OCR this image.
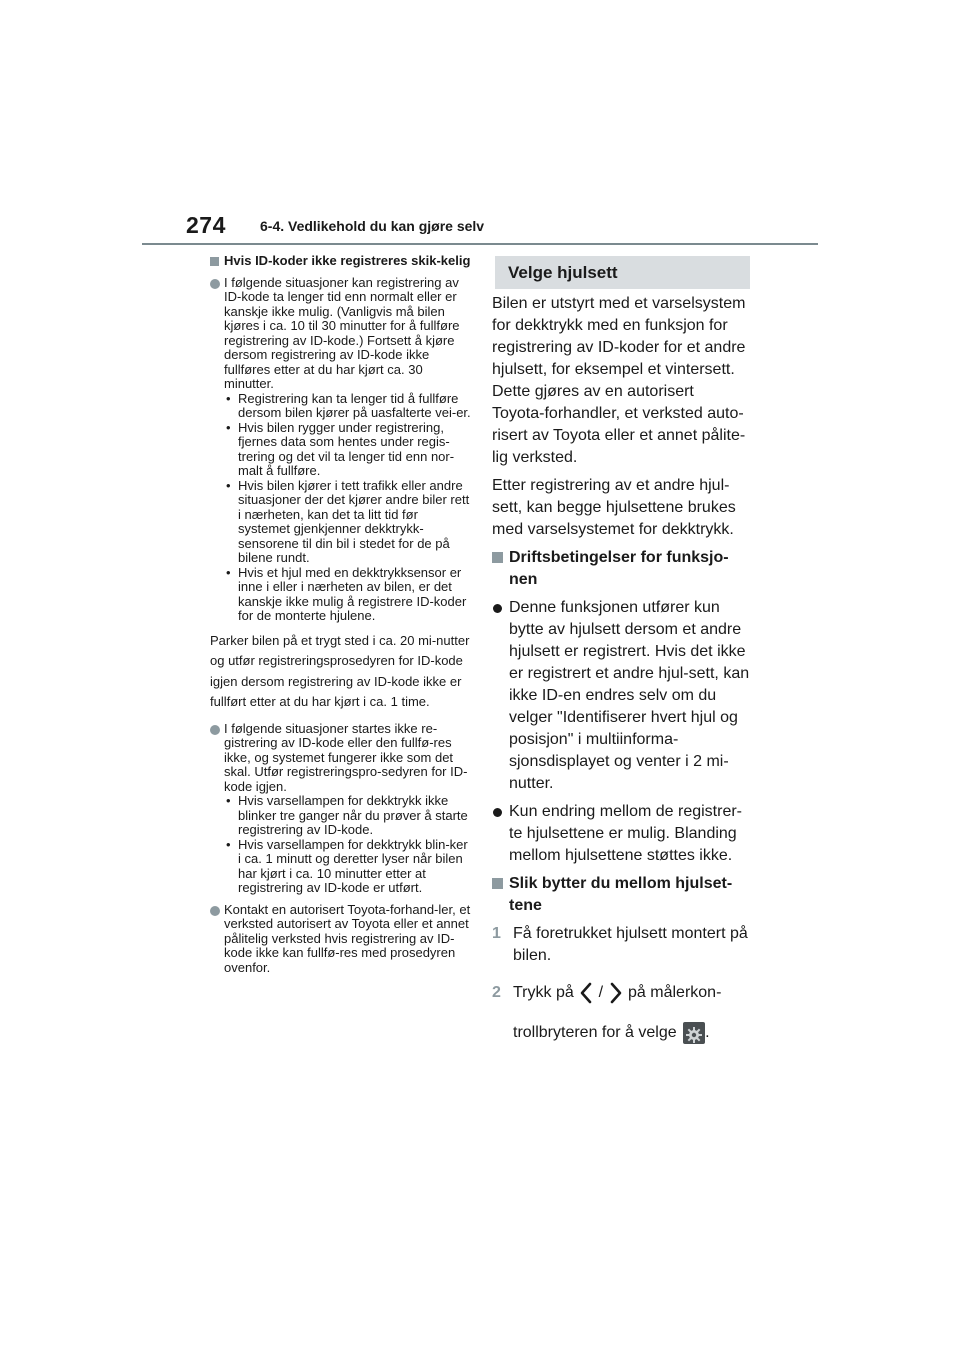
274 6-4. Vedlikehold du kan gjøre selv
Hvis ID-koder ikke registreres skik-kelig
I følgende situasjoner kan registrering av ID-kode ta lenger tid enn normalt eller er kanskje ikke mulig. (Vanligvis må bilen kjøres i ca. 10 til 30 minutter for å fullføre registrering av ID-kode.) Fortsett å kjøre dersom registrering av ID-kode ikke fullføres etter at du har kjørt ca. 30 minutter.
• Registrering kan ta lenger tid å fullføre dersom bilen kjører på uasfalterte vei-er.
• Hvis bilen rygger under registrering, fjernes data som hentes under regis-trering og det vil ta lenger tid enn nor-malt å fullføre.
• Hvis bilen kjører i tett trafikk eller andre situasjoner der det kjører andre biler rett i nærheten, kan det ta litt tid før systemet gjenkjenner dekktrykk-sensorene til din bil i stedet for de på bilene rundt.
• Hvis et hjul med en dekktrykksensor er inne i eller i nærheten av bilen, er det kanskje ikke mulig å registrere ID-koder for de monterte hjulene.

Parker bilen på et trygt sted i ca. 20 mi-nutter og utfør registreringsprosedyren for ID-kode igjen dersom registrering av ID-kode ikke er fullført etter at du har kjørt i ca. 1 time.

I følgende situasjoner startes ikke re-gistrering av ID-kode eller den fullfø-res ikke, og systemet fungerer ikke som det skal. Utfør registreringspro-sedyren for ID-kode igjen.
• Hvis varsellampen for dekktrykk ikke blinker tre ganger når du prøver å starte registrering av ID-kode.
• Hvis varsellampen for dekktrykk blin-ker i ca. 1 minutt og deretter lyser når bilen har kjørt i ca. 10 minutter etter at registrering av ID-kode er utført.
Kontakt en autorisert Toyota-forhand-ler, et verksted autorisert av Toyota eller et annet pålitelig verksted hvis registrering av ID-kode ikke kan fullfø-res med prosedyren ovenfor.
Velge hjulsett

Bilen er utstyrt med et varselsystem for dekktrykk med en funksjon for registrering av ID-koder for et andre hjulsett, for eksempel et vintersett. Dette gjøres av en autorisert Toyota-forhandler, et verksted auto-risert av Toyota eller et annet pålite-lig verksted.

Etter registrering av et andre hjul-sett, kan begge hjulsettene brukes med varselsystemet for dekktrykk.

Driftsbetingelser for funksjo-nen
Denne funksjonen utfører kun bytte av hjulsett dersom et andre hjulsett er registrert. Hvis det ikke er registrert et andre hjul-sett, kan ikke ID-en endres selv om du velger "Identifiserer hvert hjul og posisjon" i multiinforma-sjonsdisplayet og venter i 2 mi-nutter.
Kun endring mellom de registrer-te hjulsettene er mulig. Blanding mellom hjulsettene støttes ikke.
Slik bytter du mellom hjulset-tene
1 Få foretrukket hjulsett montert på bilen.
2 Trykk på / på målerkon-trollbryteren for å velge .
